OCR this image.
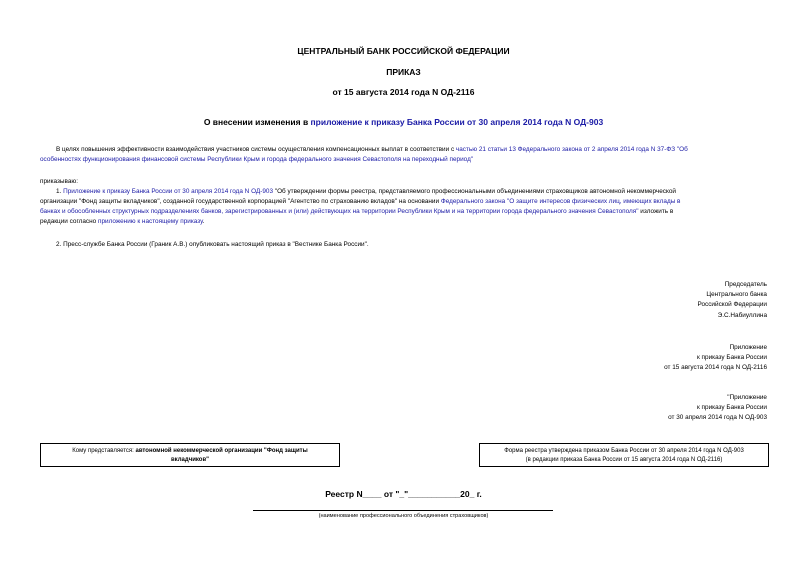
ЦЕНТРАЛЬНЫЙ БАНК РОССИЙСКОЙ ФЕДЕРАЦИИ
ПРИКАЗ
от 15 августа 2014 года N ОД-2116
О внесении изменения в приложение к приказу Банка России от 30 апреля 2014 года N ОД-903
В целях повышения эффективности взаимодействия участников системы осуществления компенсационных выплат в соответствии с частью 21 статьи 13 Федерального закона от 2 апреля 2014 года N 37-ФЗ "Об
особенностях функционирования финансовой системы Республики Крым и города федерального значения Севастополя на переходный период"
приказываю:
1. Приложение к приказу Банка России от 30 апреля 2014 года N ОД-903 "Об утверждении формы реестра, представляемого профессиональными объединениями страховщиков автономной некоммерческой
организации "Фонд защиты вкладчиков", созданной государственной корпорацией "Агентство по страхованию вкладов" на основании Федерального закона "О защите интересов физических лиц, имеющих вклады в
банках и обособленных структурных подразделениях банков, зарегистрированных и (или) действующих на территории Республики Крым и на территории города федерального значения Севастополя" изложить в
редакции согласно приложению к настоящему приказу.
2. Пресс-службе Банка России (Граник А.В.) опубликовать настоящий приказ в "Вестнике Банка России".
Председатель
Центрального банка
Российской Федерации
Э.С.Набиуллина
Приложение
к приказу Банка России
от 15 августа 2014 года N ОД-2116
"Приложение
к приказу Банка России
от 30 апреля 2014 года N ОД-903
Кому представляется: автономной некоммерческой организации "Фонд защиты
вкладчиков"
Форма реестра утверждена приказом Банка России от 30 апреля 2014 года N ОД-903
(в редакции приказа Банка России от 15 августа 2014 года N ОД-2116)
Реестр N____ от "_"___________20_ г.
(наименование профессионального объединения страховщиков)
